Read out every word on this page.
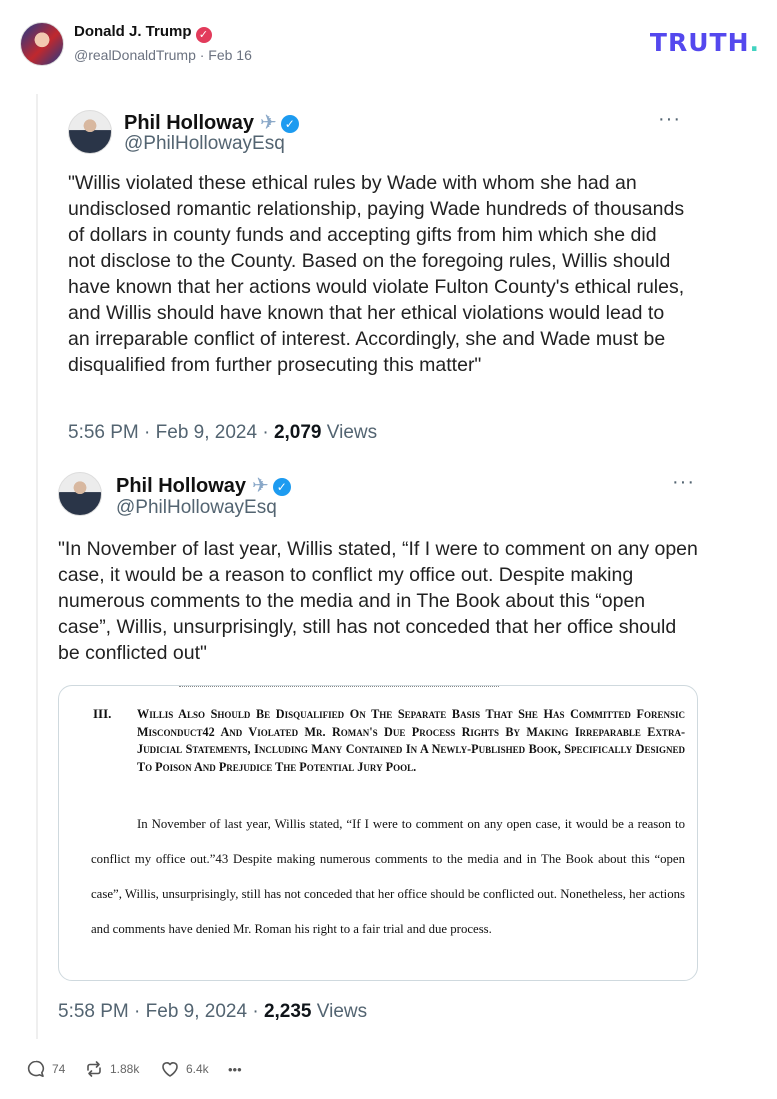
Donald J. Trump ✓
@realDonaldTrump · Feb 16	TRUTH.
Phil Holloway ✈ ✓
@PhilHollowayEsq
···
"Willis violated these ethical rules by Wade with whom she had an undisclosed romantic relationship, paying Wade hundreds of thousands of dollars in county funds and accepting gifts from him which she did not disclose to the County. Based on the foregoing rules, Willis should have known that her actions would violate Fulton County's ethical rules, and Willis should have known that her ethical violations would lead to an irreparable conflict of interest. Accordingly, she and Wade must be disqualified from further prosecuting this matter"
5:56 PM · Feb 9, 2024 · 2,079 Views
Phil Holloway ✈ ✓
@PhilHollowayEsq
···
"In November of last year, Willis stated, “If I were to comment on any open case, it would be a reason to conflict my office out. Despite making numerous comments to the media and in The Book about this “open case”, Willis, unsurprisingly, still has not conceded that her office should be conflicted out"
5:58 PM · Feb 9, 2024 · 2,235 Views
III. Willis Also Should Be Disqualified On The Separate Basis That She Has Committed Forensic Misconduct42 And Violated Mr. Roman's Due Process Rights By Making Irreparable Extra-Judicial Statements, Including Many Contained In A Newly-Published Book, Specifically Designed To Poison And Prejudice The Potential Jury Pool.
In November of last year, Willis stated, “If I were to comment on any open case, it would be a reason to conflict my office out.”43 Despite making numerous comments to the media and in The Book about this “open case”, Willis, unsurprisingly, still has not conceded that her office should be conflicted out. Nonetheless, her actions and comments have denied Mr. Roman his right to a fair trial and due process.
74	1.88k	6.4k •••
